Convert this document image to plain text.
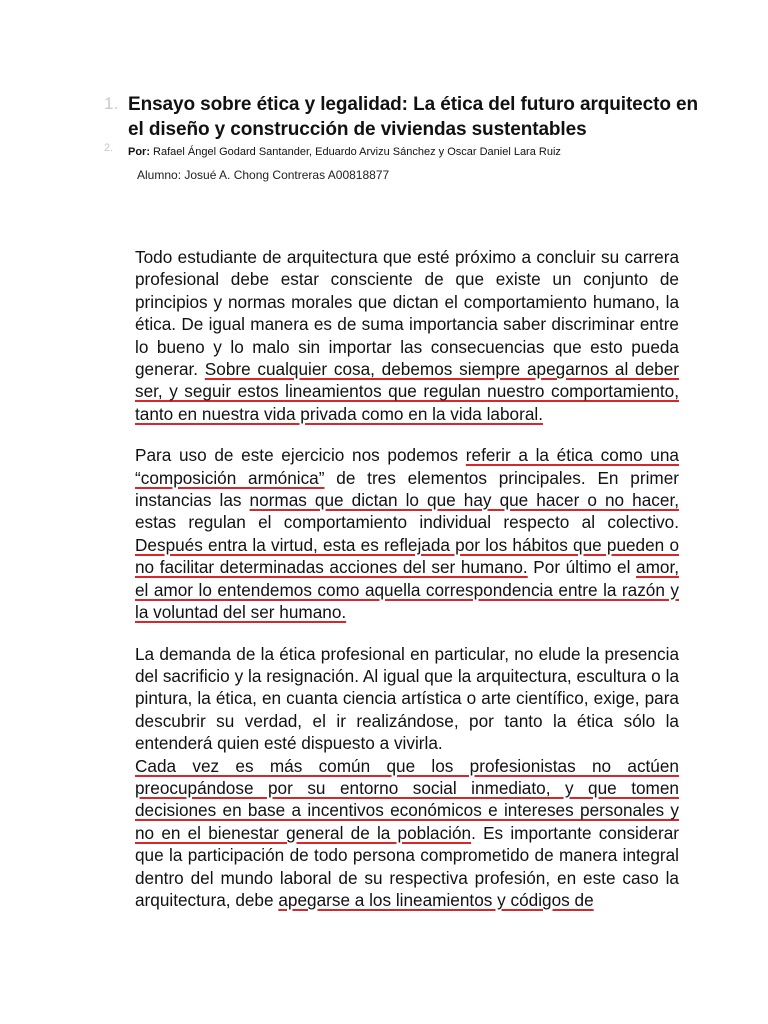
1. Ensayo sobre ética y legalidad: La ética del futuro arquitecto en el diseño y construcción de viviendas sustentables
2. Por: Rafael Ángel Godard Santander, Eduardo Arvizu Sánchez y Oscar Daniel Lara Ruiz
Alumno: Josué A. Chong Contreras A00818877

Todo estudiante de arquitectura que esté próximo a concluir su carrera profesional debe estar consciente de que existe un conjunto de principios y normas morales que dictan el comportamiento humano, la ética. De igual manera es de suma importancia saber discriminar entre lo bueno y lo malo sin importar las consecuencias que esto pueda generar. Sobre cualquier cosa, debemos siempre apegarnos al deber ser, y seguir estos lineamientos que regulan nuestro comportamiento, tanto en nuestra vida privada como en la vida laboral.

Para uso de este ejercicio nos podemos referir a la ética como una “composición armónica” de tres elementos principales. En primer instancias las normas que dictan lo que hay que hacer o no hacer, estas regulan el comportamiento individual respecto al colectivo. Después entra la virtud, esta es reflejada por los hábitos que pueden o no facilitar determinadas acciones del ser humano. Por último el amor, el amor lo entendemos como aquella correspondencia entre la razón y la voluntad del ser humano.

La demanda de la ética profesional en particular, no elude la presencia del sacrificio y la resignación. Al igual que la arquitectura, escultura o la pintura, la ética, en cuanta ciencia artística o arte científico, exige, para descubrir su verdad, el ir realizándose, por tanto la ética sólo la entenderá quien esté dispuesto a vivirla.

Cada vez es más común que los profesionistas no actúen preocupándose por su entorno social inmediato, y que tomen decisiones en base a incentivos económicos e intereses personales y no en el bienestar general de la población. Es importante considerar que la participación de todo persona comprometido de manera integral dentro del mundo laboral de su respectiva profesión, en este caso la arquitectura, debe apegarse a los lineamientos y códigos de
